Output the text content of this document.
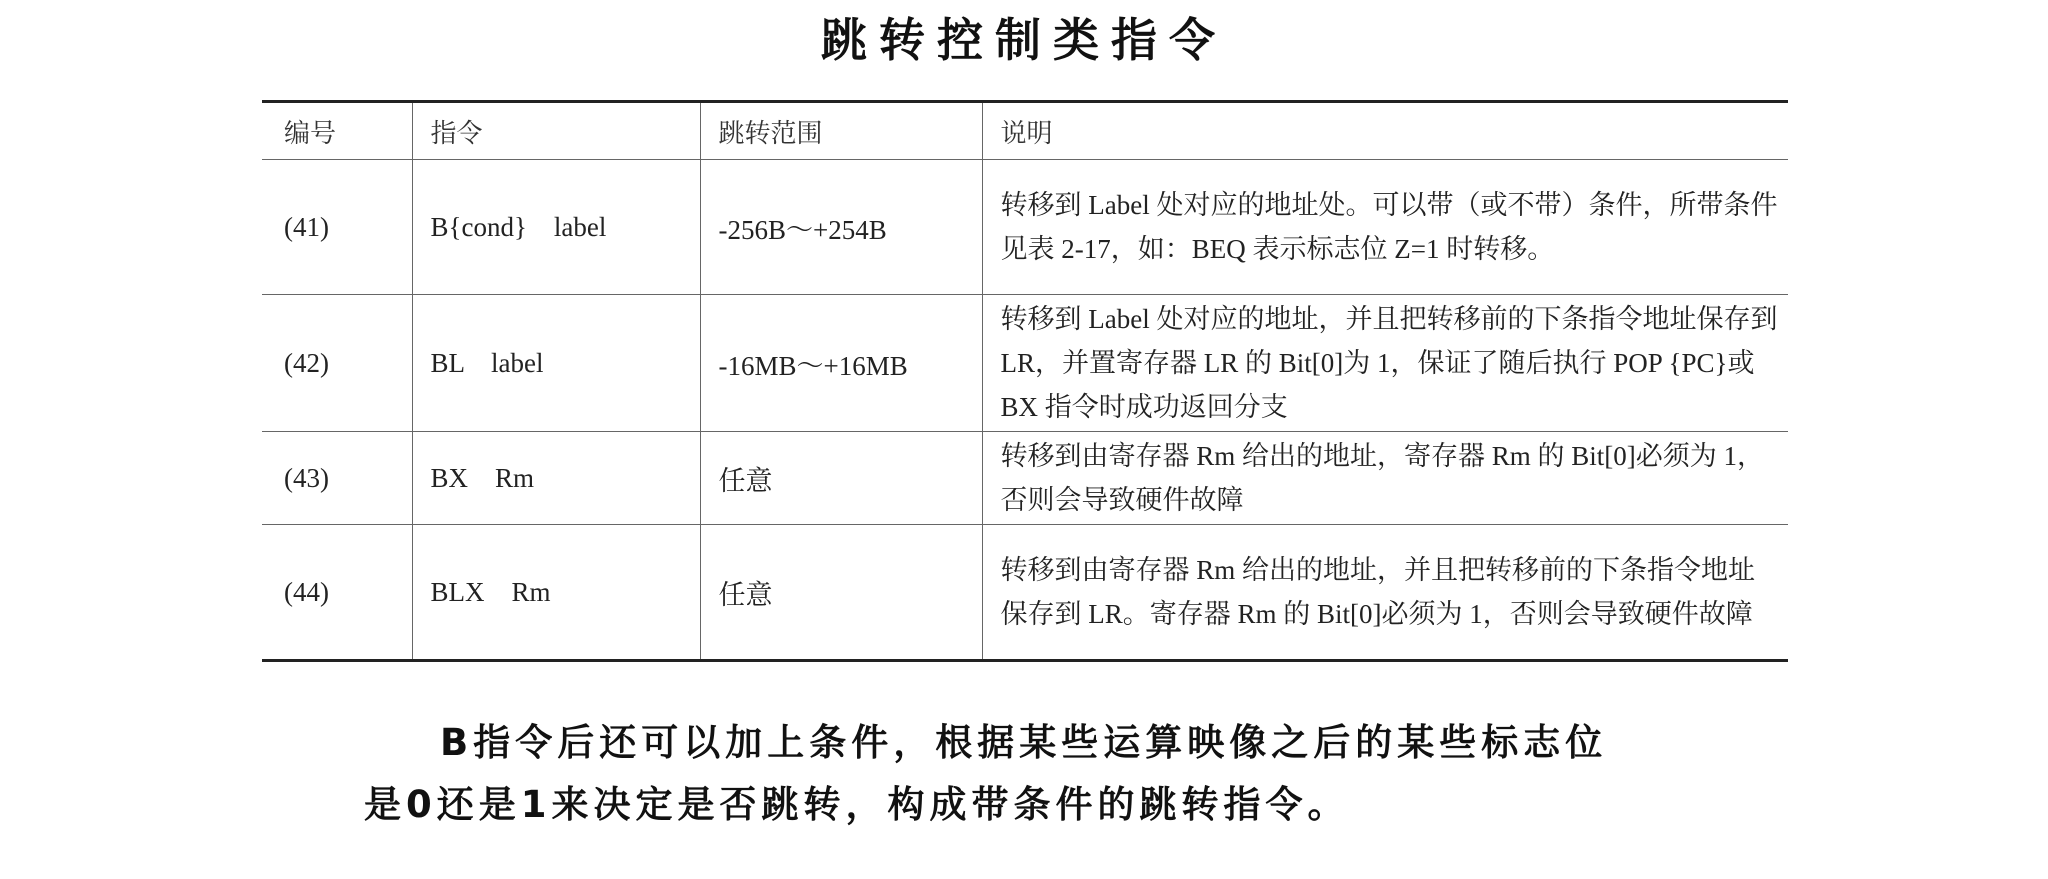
跳转控制类指令
编号	指令	跳转范围	说明
(41)	B{cond}    label	-256B～+254B	转移到 Label 处对应的地址处。可以带（或不带）条件，所带条件见表 2-17，如：BEQ 表示标志位 Z=1 时转移。
(42)	BL    label	-16MB～+16MB	转移到 Label 处对应的地址，并且把转移前的下条指令地址保存到 LR，并置寄存器 LR 的 Bit[0]为 1，保证了随后执行 POP {PC}或 BX 指令时成功返回分支
(43)	BX    Rm	任意	转移到由寄存器 Rm 给出的地址，寄存器 Rm 的 Bit[0]必须为 1，否则会导致硬件故障
(44)	BLX    Rm	任意	转移到由寄存器 Rm 给出的地址，并且把转移前的下条指令地址保存到 LR。寄存器 Rm 的 Bit[0]必须为 1，否则会导致硬件故障
B指令后还可以加上条件，根据某些运算映像之后的某些标志位
是0还是1来决定是否跳转，构成带条件的跳转指令。
